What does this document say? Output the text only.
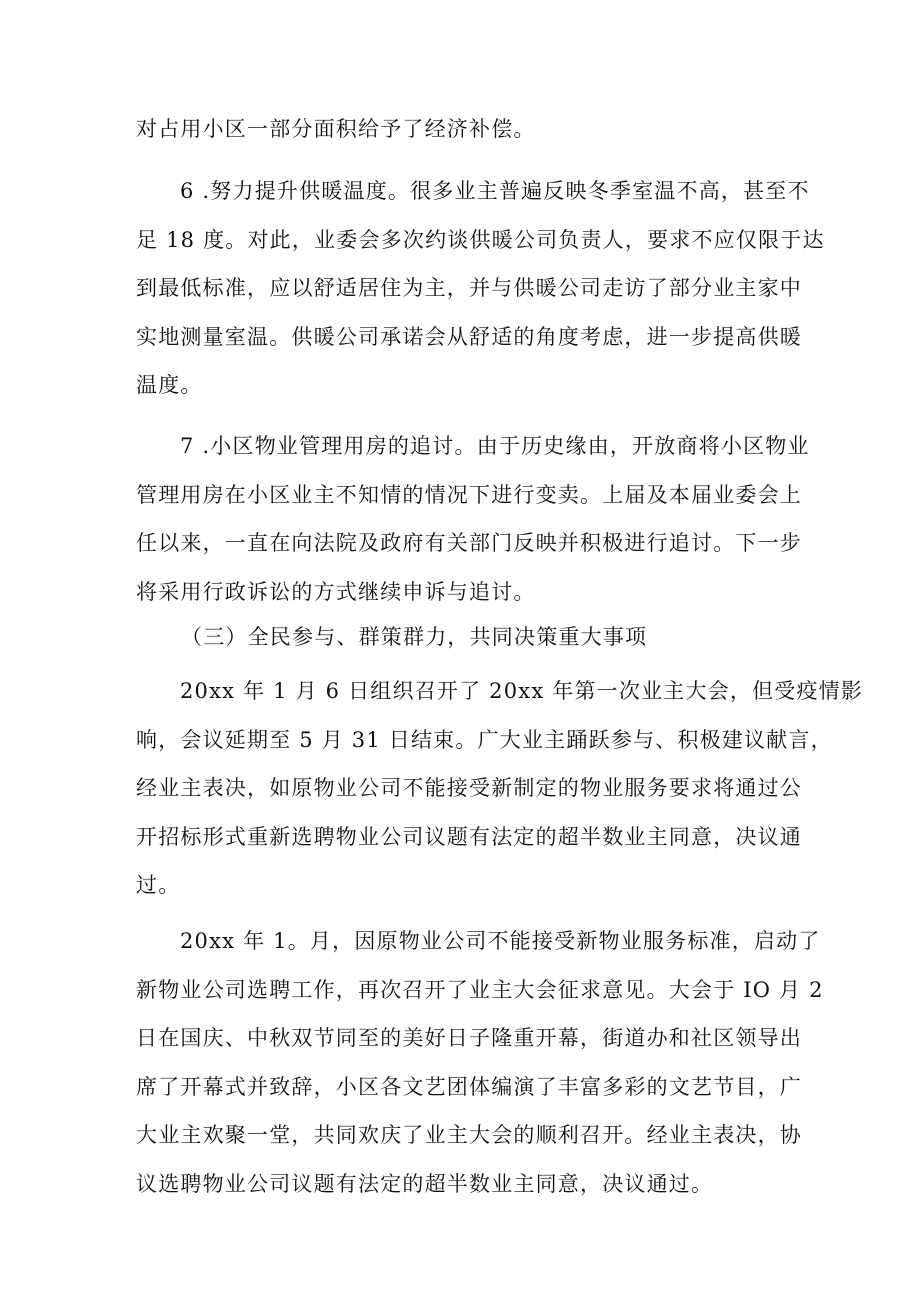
对占用小区一部分面积给予了经济补偿。

6 .努力提升供暖温度。很多业主普遍反映冬季室温不高，甚至不
足 18 度。对此，业委会多次约谈供暖公司负责人，要求不应仅限于达
到最低标准，应以舒适居住为主，并与供暖公司走访了部分业主家中
实地测量室温。供暖公司承诺会从舒适的角度考虑，进一步提高供暖
温度。

7 .小区物业管理用房的追讨。由于历史缘由，开放商将小区物业
管理用房在小区业主不知情的情况下进行变卖。上届及本届业委会上
任以来，一直在向法院及政府有关部门反映并积极进行追讨。下一步
将采用行政诉讼的方式继续申诉与追讨。

（三）全民参与、群策群力，共同决策重大事项

20xx 年 1 月 6 日组织召开了 20xx 年第一次业主大会，但受疫情影
响，会议延期至 5 月 31 日结束。广大业主踊跃参与、积极建议献言，
经业主表决，如原物业公司不能接受新制定的物业服务要求将通过公
开招标形式重新选聘物业公司议题有法定的超半数业主同意，决议通
过。

20xx 年 1。月，因原物业公司不能接受新物业服务标准，启动了
新物业公司选聘工作，再次召开了业主大会征求意见。大会于 IO 月 2
日在国庆、中秋双节同至的美好日子隆重开幕，街道办和社区领导出
席了开幕式并致辞，小区各文艺团体编演了丰富多彩的文艺节目，广
大业主欢聚一堂，共同欢庆了业主大会的顺利召开。经业主表决，协
议选聘物业公司议题有法定的超半数业主同意，决议通过。
